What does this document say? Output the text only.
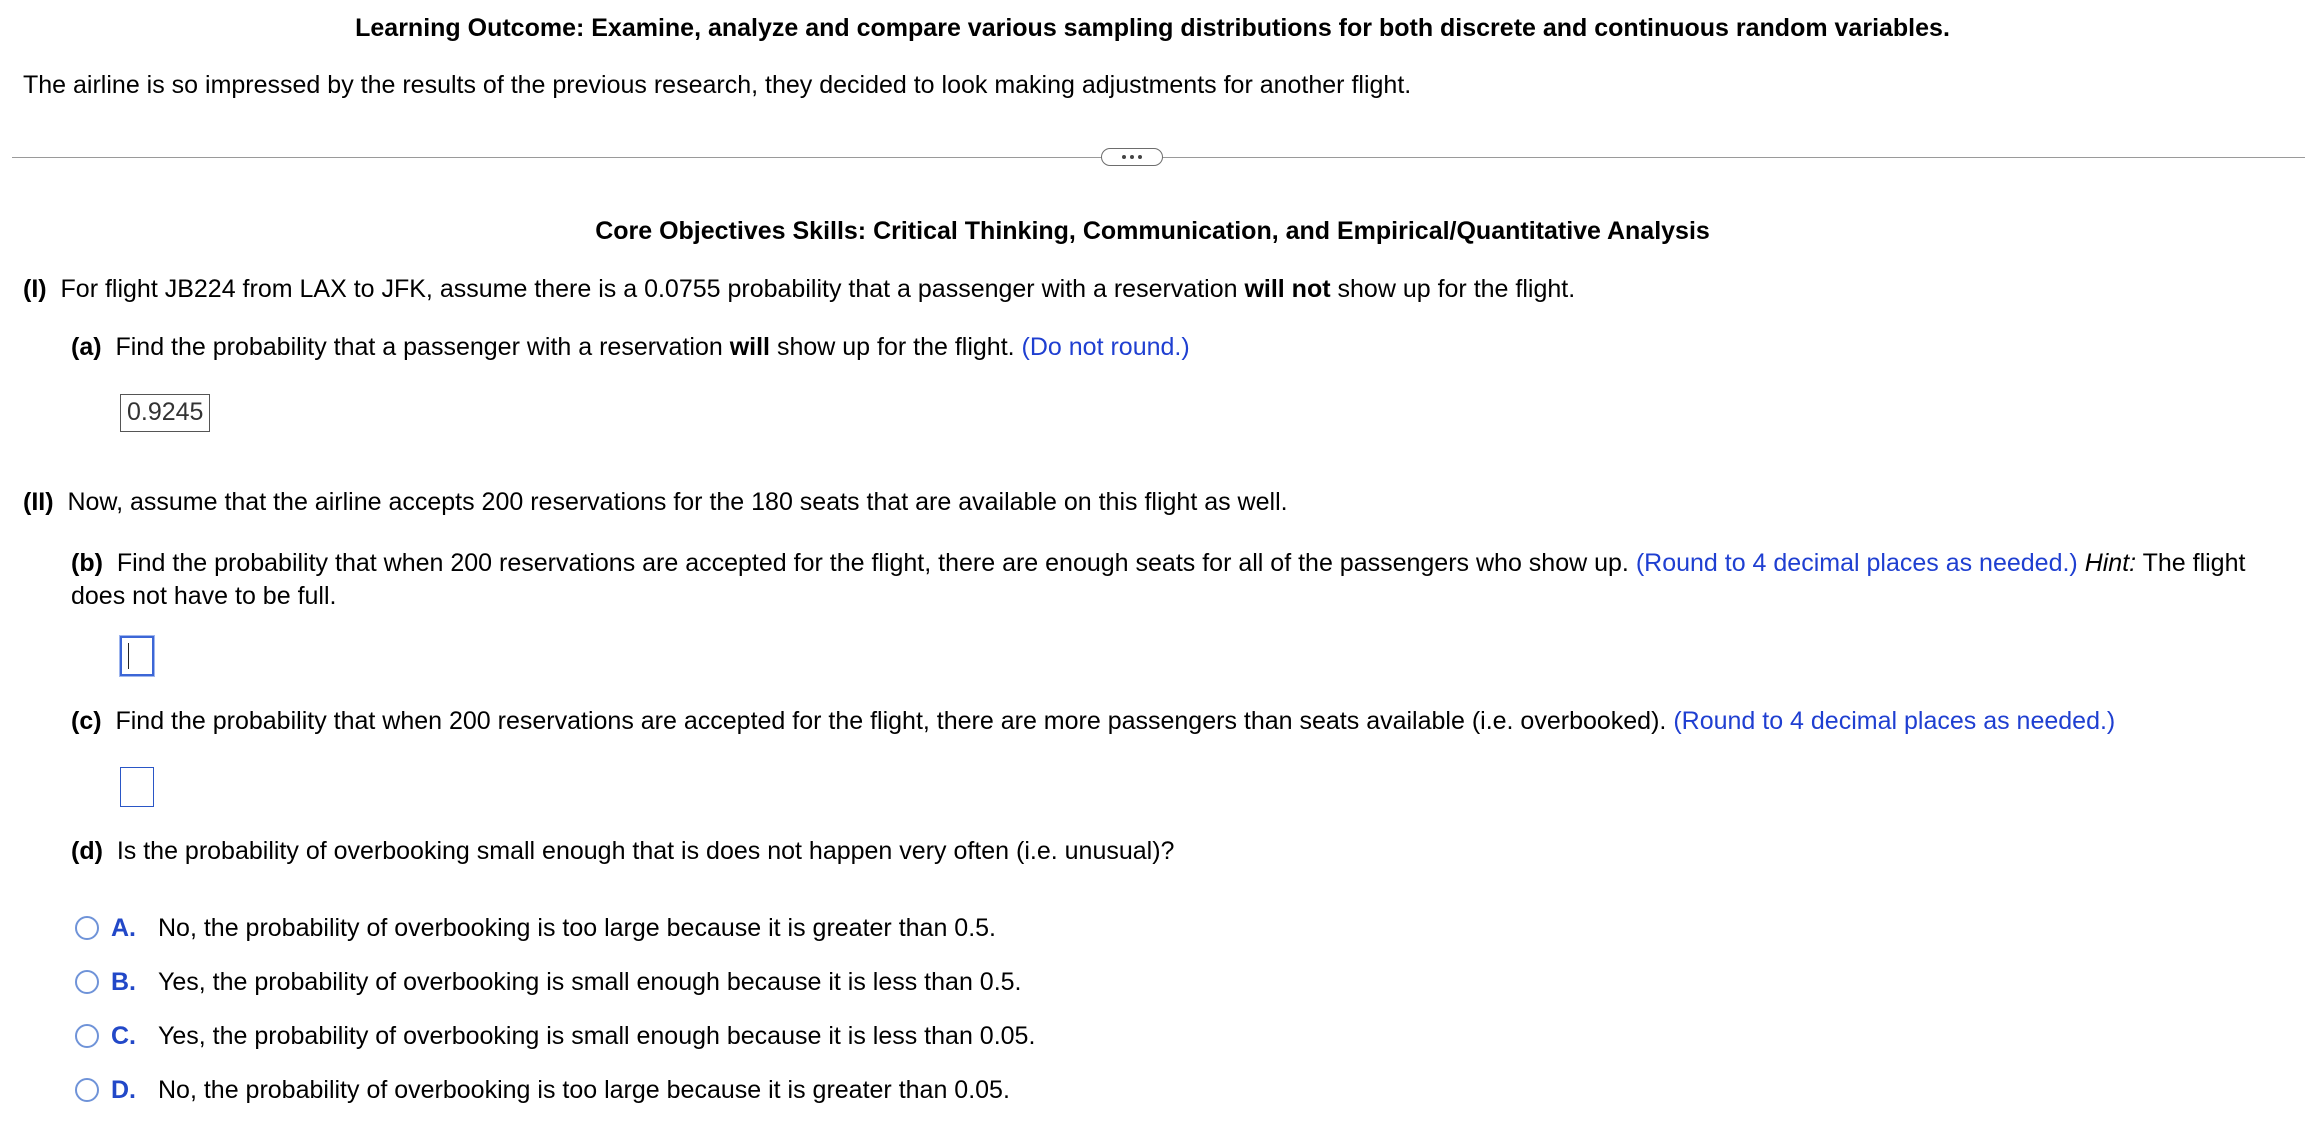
Learning Outcome: Examine, analyze and compare various sampling distributions for both discrete and continuous random variables.
The airline is so impressed by the results of the previous research, they decided to look making adjustments for another flight.
Core Objectives Skills: Critical Thinking, Communication, and Empirical/Quantitative Analysis
(I) For flight JB224 from LAX to JFK, assume there is a 0.0755 probability that a passenger with a reservation will not show up for the flight.
(a) Find the probability that a passenger with a reservation will show up for the flight. (Do not round.)
0.9245
(II) Now, assume that the airline accepts 200 reservations for the 180 seats that are available on this flight as well.
(b) Find the probability that when 200 reservations are accepted for the flight, there are enough seats for all of the passengers who show up. (Round to 4 decimal places as needed.) Hint: The flight does not have to be full.
(c) Find the probability that when 200 reservations are accepted for the flight, there are more passengers than seats available (i.e. overbooked). (Round to 4 decimal places as needed.)
(d) Is the probability of overbooking small enough that is does not happen very often (i.e. unusual)?
A. No, the probability of overbooking is too large because it is greater than 0.5.
B. Yes, the probability of overbooking is small enough because it is less than 0.5.
C. Yes, the probability of overbooking is small enough because it is less than 0.05.
D. No, the probability of overbooking is too large because it is greater than 0.05.
